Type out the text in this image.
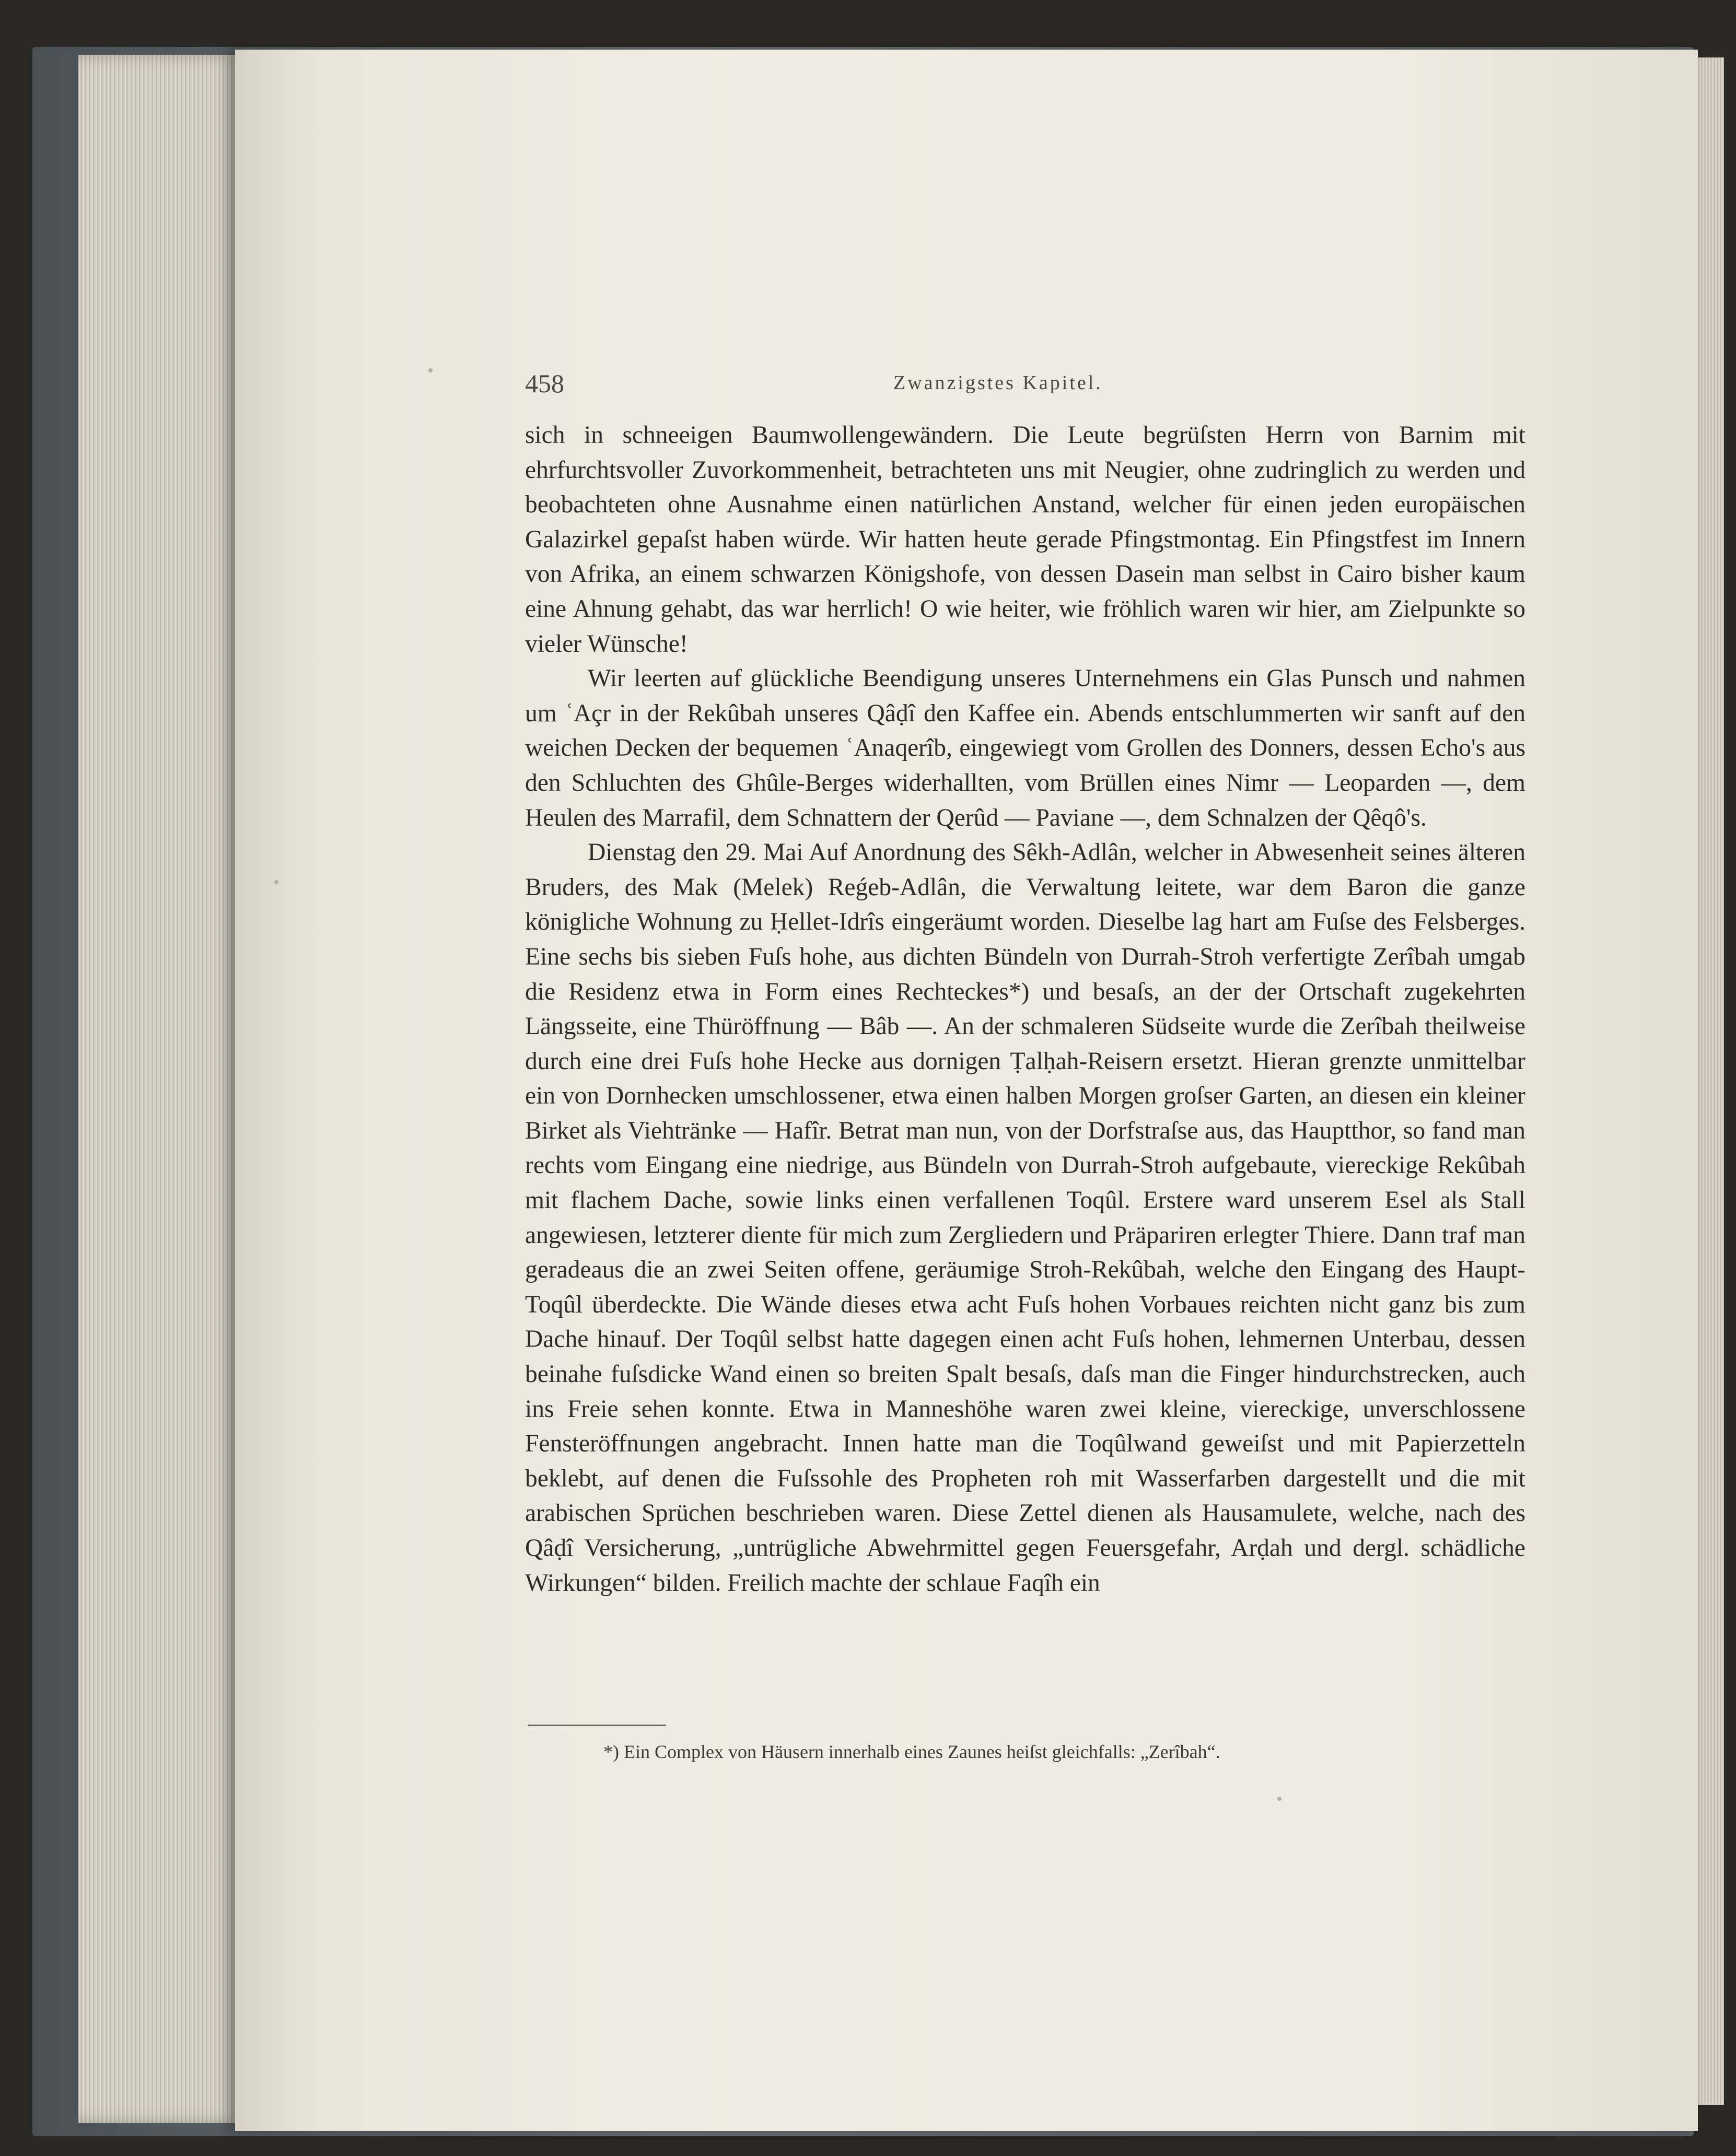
458	Zwanzigstes Kapitel.

sich in schneeigen Baumwollengewändern. Die Leute begrüſsten Herrn von Barnim mit ehrfurchtsvoller Zuvorkommenheit, betrachteten uns mit Neugier, ohne zudringlich zu werden und beobachteten ohne Ausnahme einen natürlichen Anstand, welcher für einen jeden europäischen Galazirkel gepaſst haben würde. Wir hatten heute gerade Pfingstmontag. Ein Pfingstfest im Innern von Afrika, an einem schwarzen Königshofe, von dessen Dasein man selbst in Cairo bisher kaum eine Ahnung gehabt, das war herrlich! O wie heiter, wie fröhlich waren wir hier, am Zielpunkte so vieler Wünsche!

Wir leerten auf glückliche Beendigung unseres Unternehmens ein Glas Punsch und nahmen um ʿAçr in der Rekûbah unseres Qâḍî den Kaffee ein. Abends entschlummerten wir sanft auf den weichen Decken der bequemen ʿAnaqerîb, eingewiegt vom Grollen des Donners, dessen Echo's aus den Schluchten des Ghûle-Berges widerhallten, vom Brüllen eines Nimr — Leoparden —, dem Heulen des Marrafil, dem Schnattern der Qerûd — Paviane —, dem Schnalzen der Qêqô's.

Dienstag den 29. Mai Auf Anordnung des Sêkh-Adlân, welcher in Abwesenheit seines älteren Bruders, des Mak (Melek) Reǵeb-Adlân, die Verwaltung leitete, war dem Baron die ganze königliche Wohnung zu Ḥellet-Idrîs eingeräumt worden. Dieselbe lag hart am Fuſse des Felsberges. Eine sechs bis sieben Fuſs hohe, aus dichten Bündeln von Durrah-Stroh verfertigte Zerîbah umgab die Residenz etwa in Form eines Rechteckes*) und besaſs, an der der Ortschaft zugekehrten Längsseite, eine Thüröffnung — Bâb —. An der schmaleren Südseite wurde die Zerîbah theilweise durch eine drei Fuſs hohe Hecke aus dornigen Ṭalḥah-Reisern ersetzt. Hieran grenzte unmittelbar ein von Dornhecken umschlossener, etwa einen halben Morgen groſser Garten, an diesen ein kleiner Birket als Viehtränke — Hafîr. Betrat man nun, von der Dorfstraſse aus, das Hauptthor, so fand man rechts vom Eingang eine niedrige, aus Bündeln von Durrah-Stroh aufgebaute, viereckige Rekûbah mit flachem Dache, sowie links einen verfallenen Toqûl. Erstere ward unserem Esel als Stall angewiesen, letzterer diente für mich zum Zergliedern und Präpariren erlegter Thiere. Dann traf man geradeaus die an zwei Seiten offene, geräumige Stroh-Rekûbah, welche den Eingang des Haupt-Toqûl überdeckte. Die Wände dieses etwa acht Fuſs hohen Vorbaues reichten nicht ganz bis zum Dache hinauf. Der Toqûl selbst hatte dagegen einen acht Fuſs hohen, lehmernen Unterbau, dessen beinahe fuſsdicke Wand einen so breiten Spalt besaſs, daſs man die Finger hindurchstrecken, auch ins Freie sehen konnte. Etwa in Manneshöhe waren zwei kleine, viereckige, unverschlossene Fensteröffnungen angebracht. Innen hatte man die Toqûlwand geweiſst und mit Papierzetteln beklebt, auf denen die Fuſssohle des Propheten roh mit Wasserfarben dargestellt und die mit arabischen Sprüchen beschrieben waren. Diese Zettel dienen als Hausamulete, welche, nach des Qâḍî Versicherung, „untrügliche Abwehrmittel gegen Feuersgefahr, Arḍah und dergl. schädliche Wirkungen“ bilden. Freilich machte der schlaue Faqîh ein

*) Ein Complex von Häusern innerhalb eines Zaunes heiſst gleichfalls: „Zerîbah“.
